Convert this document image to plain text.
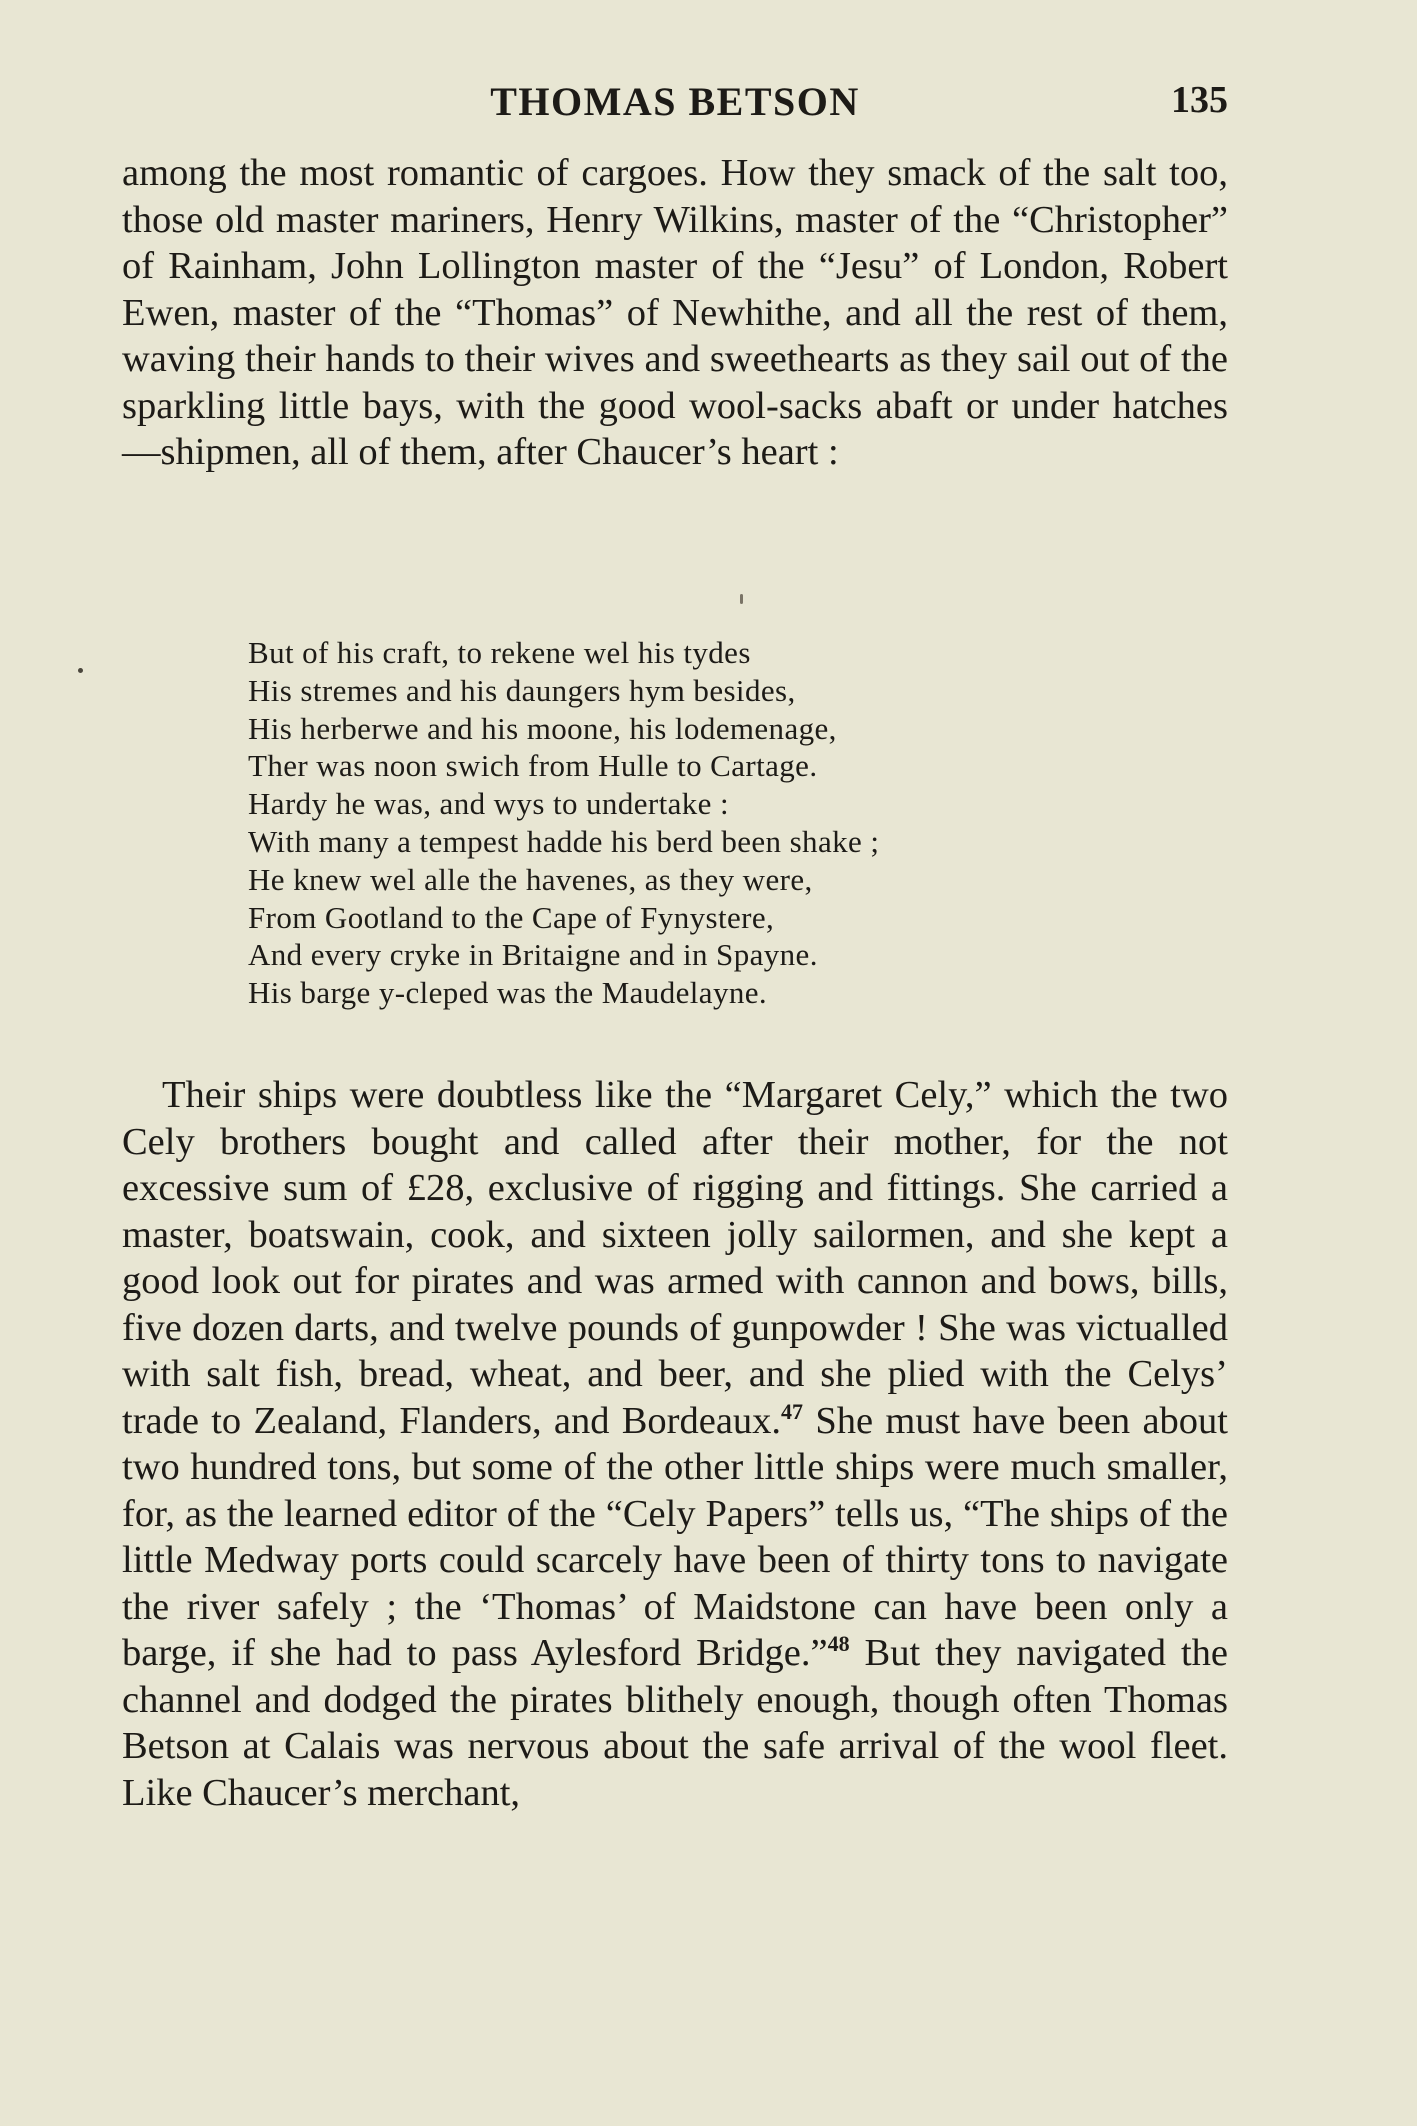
THOMAS BETSON	135

among the most romantic of cargoes. How they smack of the salt too, those old master mariners, Henry Wilkins, master of the “Christopher” of Rainham, John Lollington master of the “Jesu” of London, Robert Ewen, master of the “Thomas” of Newhithe, and all the rest of them, waving their hands to their wives and sweethearts as they sail out of the sparkling little bays, with the good wool-sacks abaft or under hatches—shipmen, all of them, after Chaucer’s heart :

But of his craft, to rekene wel his tydes
His stremes and his daungers hym besides,
His herberwe and his moone, his lodemenage,
Ther was noon swich from Hulle to Cartage.
Hardy he was, and wys to undertake :
With many a tempest hadde his berd been shake ;
He knew wel alle the havenes, as they were,
From Gootland to the Cape of Fynystere,
And every cryke in Britaigne and in Spayne.
His barge y-cleped was the Maudelayne.

Their ships were doubtless like the “Margaret Cely,” which the two Cely brothers bought and called after their mother, for the not excessive sum of £28, exclusive of rigging and fittings. She carried a master, boatswain, cook, and sixteen jolly sailormen, and she kept a good look out for pirates and was armed with cannon and bows, bills, five dozen darts, and twelve pounds of gunpowder ! She was victualled with salt fish, bread, wheat, and beer, and she plied with the Celys’ trade to Zealand, Flanders, and Bordeaux.$^{47}$ She must have been about two hundred tons, but some of the other little ships were much smaller, for, as the learned editor of the “Cely Papers” tells us, “The ships of the little Medway ports could scarcely have been of thirty tons to navigate the river safely ; the ‘Thomas’ of Maidstone can have been only a barge, if she had to pass Aylesford Bridge.”$^{48}$ But they navigated the channel and dodged the pirates blithely enough, though often Thomas Betson at Calais was nervous about the safe arrival of the wool fleet. Like Chaucer’s merchant,
